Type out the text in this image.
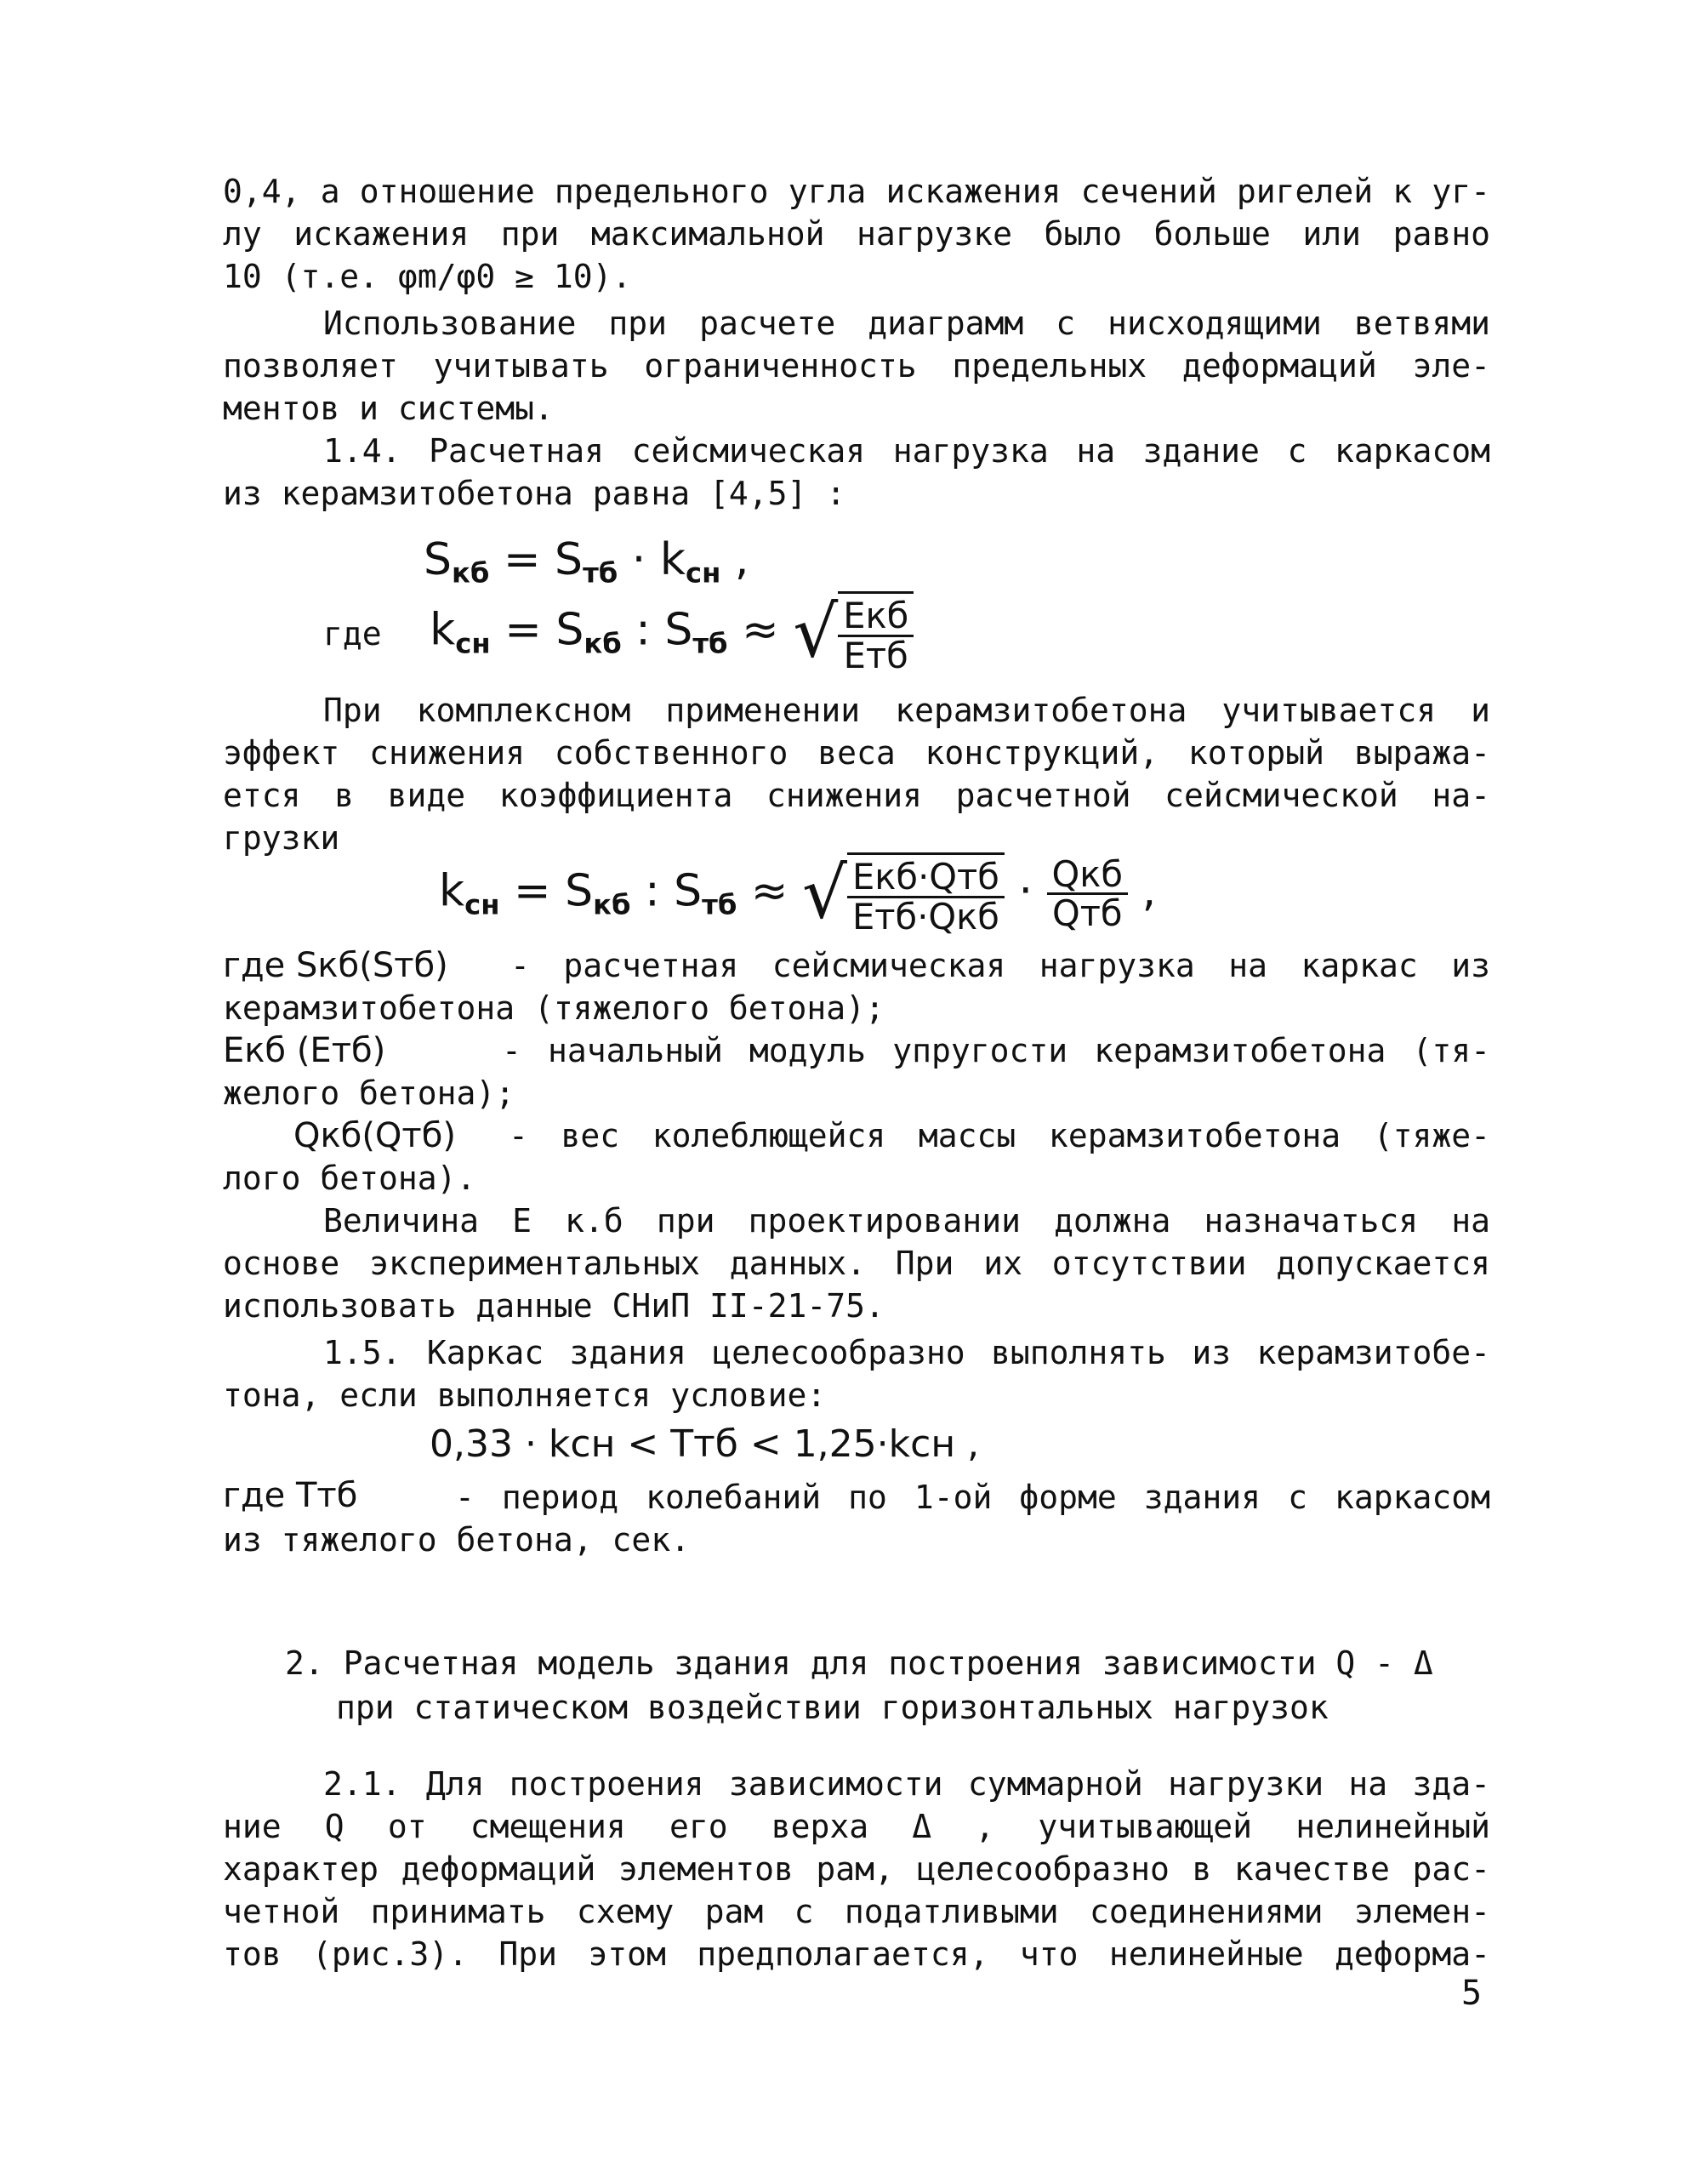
0,4, а отношение предельного угла искажения сечений ригелей к уг-
лу искажения при максимальной нагрузке было больше или равно
10 (т.е. φm/φ0 ≥ 10).
Использование при расчете диаграмм с нисходящими ветвями
позволяет учитывать ограниченность предельных деформаций эле-
ментов и системы.
1.4. Расчетная сейсмическая нагрузка на здание с каркасом
из керамзитобетона равна [4,5] :
$S_{кб} = S_{тб} \cdot k_{сн}$ ,
где $k_{сн} = S_{кб}$ : $S_{тб}$ ≈ √ $\frac{\text{Eкб}}{\text{Eтб}}$
При комплексном применении керамзитобетона учитывается и
эффект снижения собственного веса конструкций, который выража-
ется в виде коэффициента снижения расчетной сейсмической на-
грузки
$k_{сн} = S_{кб}$ : $S_{тб}$ ≈ √ $\frac{\text{Eкб·Qтб}}{\text{Eтб·Qкб}} \cdot \frac{\text{Qкб}}{\text{Qтб}}$ ,
где Sкб(Sтб) - расчетная сейсмическая нагрузка на каркас из
керамзитобетона (тяжелого бетона);
Eкб (Eтб)	- начальный модуль упругости керамзитобетона (тя-
желого бетона);
Qкб(Qтб) - вес колеблющейся массы керамзитобетона (тяже-
лого бетона).
Величина E к.б при проектировании должна назначаться на
основе экспериментальных данных. При их отсутствии допускается
использовать данные СНиП II-21-75.
1.5. Каркас здания целесообразно выполнять из керамзитобе-
тона, если выполняется условие:
0,33 · kсн < Tтб < 1,25·kсн ,
где Tтб	- период колебаний по 1-ой форме здания с каркасом
из тяжелого бетона, сек.
2. Расчетная модель здания для построения зависимости Q - Δ
при статическом воздействии горизонтальных нагрузок
2.1. Для построения зависимости суммарной нагрузки на зда-
ние Q от смещения его верха Δ , учитывающей нелинейный
характер деформаций элементов рам, целесообразно в качестве рас-
четной принимать схему рам с податливыми соединениями элемен-
тов (рис.3). При этом предполагается, что нелинейные деформа-
5
